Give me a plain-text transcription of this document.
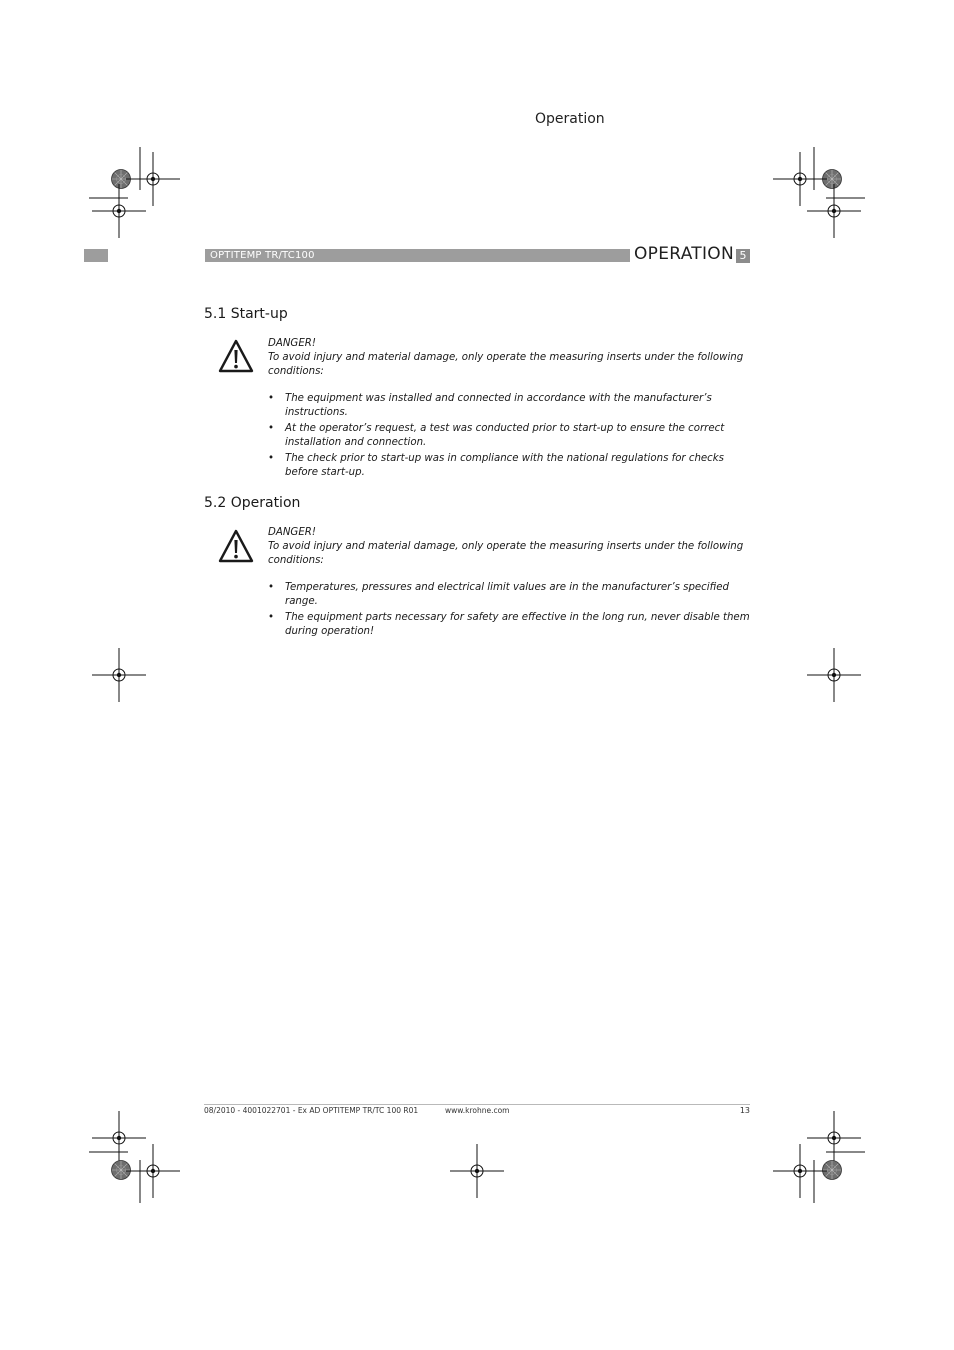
Operation
OPTITEMP TR/TC100	OPERATION 5
5.1 Start-up
DANGER!
To avoid injury and material damage, only operate the measuring inserts under the following conditions:
• The equipment was installed and connected in accordance with the manufacturer’s instructions.
• At the operator’s request, a test was conducted prior to start-up to ensure the correct installation and connection.
• The check prior to start-up was in compliance with the national regulations for checks before start-up.
5.2 Operation
DANGER!
To avoid injury and material damage, only operate the measuring inserts under the following conditions:
• Temperatures, pressures and electrical limit values are in the manufacturer’s specified range.
• The equipment parts necessary for safety are effective in the long run, never disable them during operation!
08/2010 - 4001022701 - Ex AD OPTITEMP TR/TC 100 R01	www.krohne.com	13
